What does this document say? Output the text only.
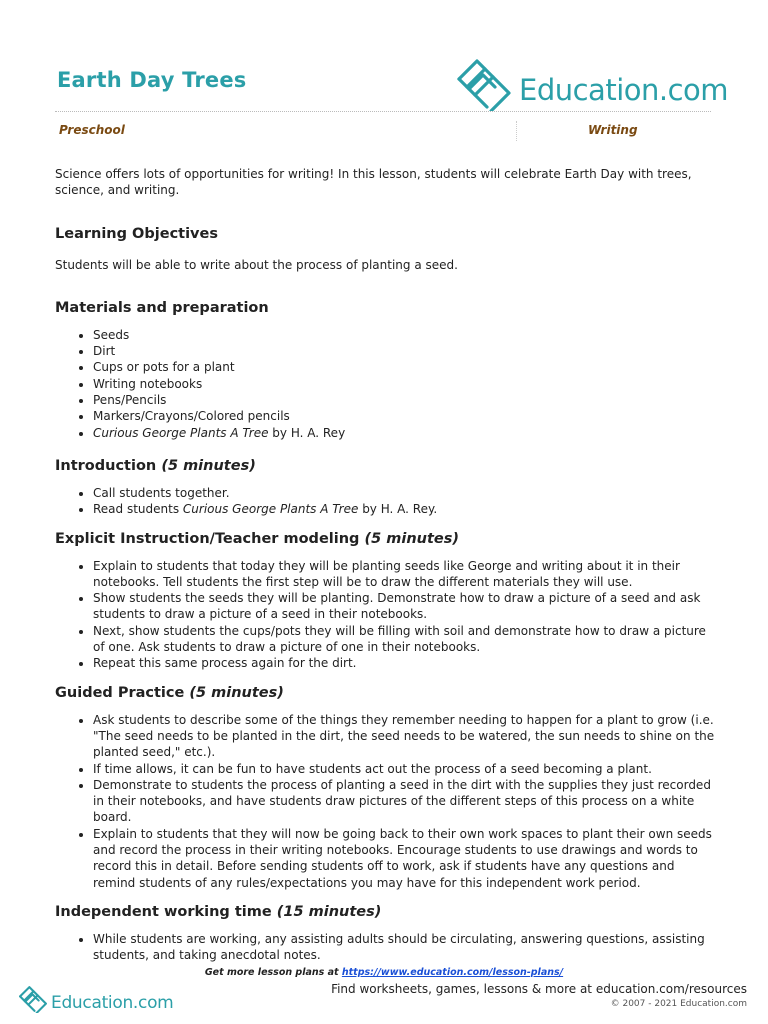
Earth Day Trees	Education.com
Preschool	Writing

Science offers lots of opportunities for writing! In this lesson, students will celebrate Earth Day with trees, science, and writing.

Learning Objectives

Students will be able to write about the process of planting a seed.

Materials and preparation
• Seeds
• Dirt
• Cups or pots for a plant
• Writing notebooks
• Pens/Pencils
• Markers/Crayons/Colored pencils
• Curious George Plants A Tree by H. A. Rey
Introduction (5 minutes)
• Call students together.
• Read students Curious George Plants A Tree by H. A. Rey.
Explicit Instruction/Teacher modeling (5 minutes)
• Explain to students that today they will be planting seeds like George and writing about it in their notebooks. Tell students the first step will be to draw the different materials they will use.
• Show students the seeds they will be planting. Demonstrate how to draw a picture of a seed and ask students to draw a picture of a seed in their notebooks.
• Next, show students the cups/pots they will be filling with soil and demonstrate how to draw a picture of one. Ask students to draw a picture of one in their notebooks.
• Repeat this same process again for the dirt.
Guided Practice (5 minutes)
• Ask students to describe some of the things they remember needing to happen for a plant to grow (i.e. "The seed needs to be planted in the dirt, the seed needs to be watered, the sun needs to shine on the planted seed," etc.).
• If time allows, it can be fun to have students act out the process of a seed becoming a plant.
• Demonstrate to students the process of planting a seed in the dirt with the supplies they just recorded in their notebooks, and have students draw pictures of the different steps of this process on a white board.
• Explain to students that they will now be going back to their own work spaces to plant their own seeds and record the process in their writing notebooks. Encourage students to use drawings and words to record this in detail. Before sending students off to work, ask if students have any questions and remind students of any rules/expectations you may have for this independent work period.
Independent working time (15 minutes)
• While students are working, any assisting adults should be circulating, answering questions, assisting students, and taking anecdotal notes.
Get more lesson plans at https://www.education.com/lesson-plans/
Education.com
Find worksheets, games, lessons & more at education.com/resources
© 2007 - 2021 Education.com
